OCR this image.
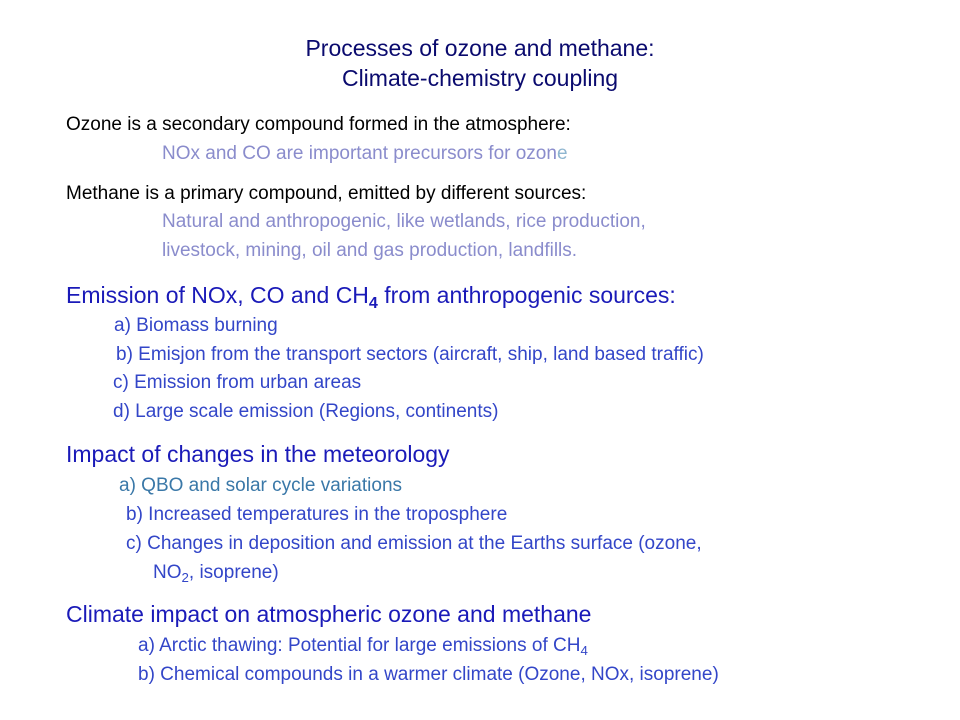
Processes of ozone and methane:

Climate-chemistry coupling

Ozone is a secondary compound formed in the atmosphere:

NOx and CO are important precursors for ozone

Methane is a primary compound, emitted by different sources:

Natural and anthropogenic, like wetlands, rice production,

livestock, mining, oil and gas production, landfills.

Emission of NOx, CO and $CH_4$ from anthropogenic sources:

a) Biomass burning

b) Emisjon from the transport sectors (aircraft, ship, land based traffic)

c) Emission from urban areas

d) Large scale emission (Regions, continents)

Impact of changes in the meteorology

a) QBO and solar cycle variations

b) Increased temperatures in the troposphere

c) Changes in deposition and emission at the Earths surface (ozone,

$NO_2$, isoprene)

Climate impact on atmospheric ozone and methane

a) Arctic thawing: Potential for large emissions of $CH_4$

b) Chemical compounds in a warmer climate (Ozone, NOx, isoprene)
